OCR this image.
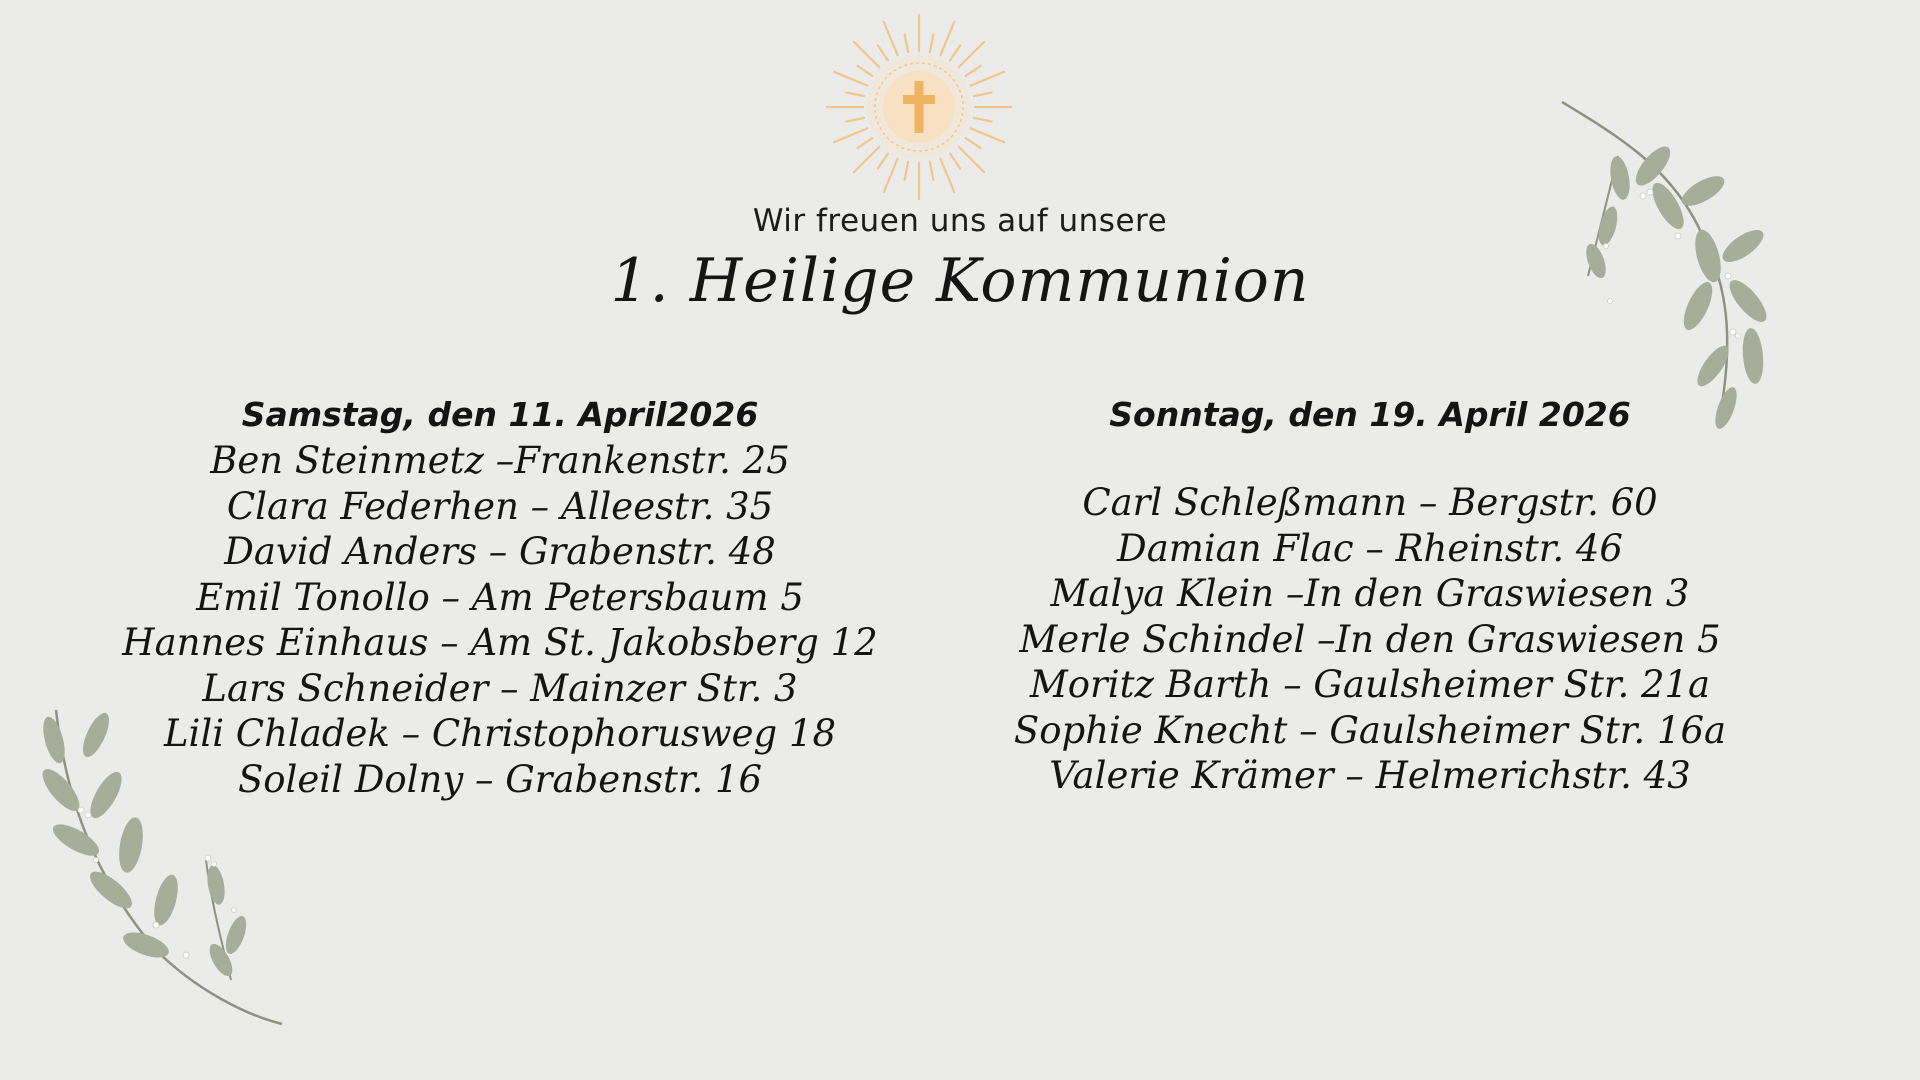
Wir freuen uns auf unsere
1. Heilige Kommunion
Samstag, den 11. April2026
Ben Steinmetz –Frankenstr. 25
Clara Federhen – Alleestr. 35
David Anders – Grabenstr. 48
Emil Tonollo – Am Petersbaum 5
Hannes Einhaus – Am St. Jakobsberg 12
Lars Schneider – Mainzer Str. 3
Lili Chladek – Christophorusweg 18
Soleil Dolny – Grabenstr. 16
Sonntag, den 19. April 2026
Carl Schleßmann – Bergstr. 60
Damian Flac – Rheinstr. 46
Malya Klein –In den Graswiesen 3
Merle Schindel –In den Graswiesen 5
Moritz Barth – Gaulsheimer Str. 21a
Sophie Knecht – Gaulsheimer Str. 16a
Valerie Krämer – Helmerichstr. 43
